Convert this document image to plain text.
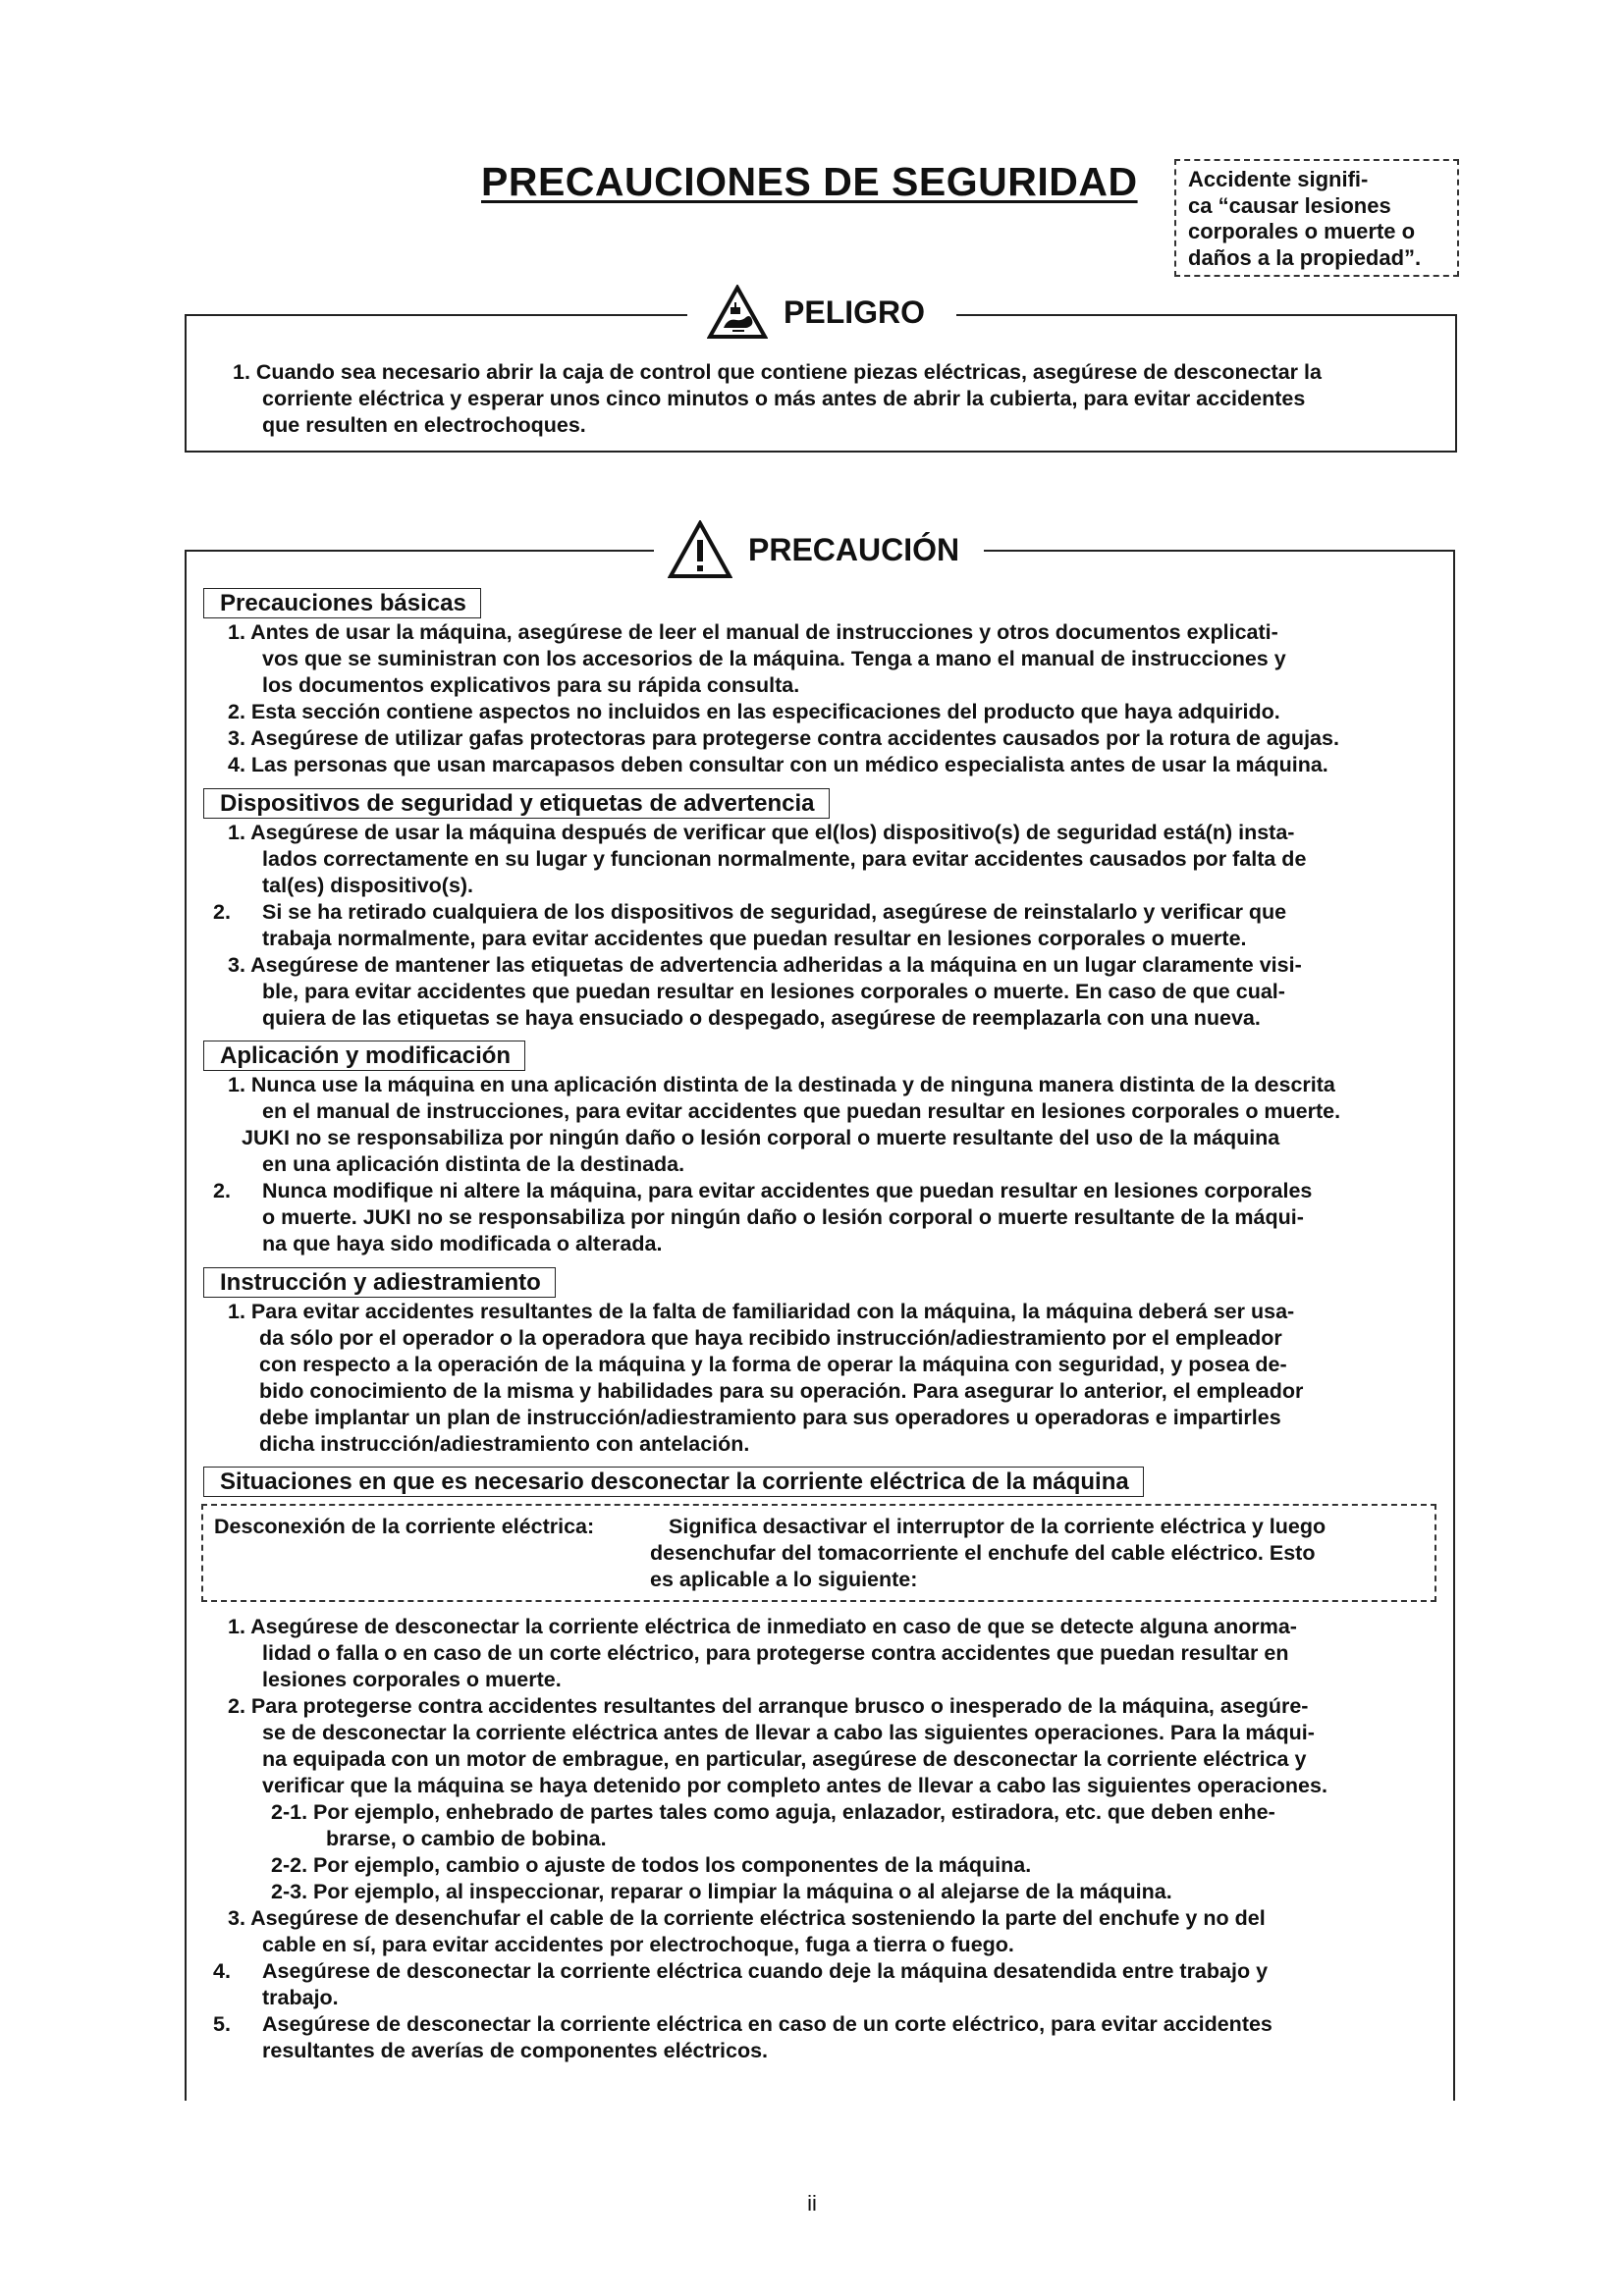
PRECAUCIONES DE SEGURIDAD Accidente signifi-
ca “causar lesiones
corporales o muerte o
daños a la propiedad”.
PELIGRO
1. Cuando sea necesario abrir la caja de control que contiene piezas eléctricas, asegúrese de desconectar la
corriente eléctrica y esperar unos cinco minutos o más antes de abrir la cubierta, para evitar accidentes
que resulten en electrochoques.
PRECAUCIÓN
Precauciones básicas
1. Antes de usar la máquina, asegúrese de leer el manual de instrucciones y otros documentos explicati-
vos que se suministran con los accesorios de la máquina. Tenga a mano el manual de instrucciones y
los documentos explicativos para su rápida consulta.
2. Esta sección contiene aspectos no incluidos en las especificaciones del producto que haya adquirido.
3. Asegúrese de utilizar gafas protectoras para protegerse contra accidentes causados por la rotura de agujas.
4. Las personas que usan marcapasos deben consultar con un médico especialista antes de usar la máquina.
Dispositivos de seguridad y etiquetas de advertencia
1. Asegúrese de usar la máquina después de verificar que el(los) dispositivo(s) de seguridad está(n) insta-
lados correctamente en su lugar y funcionan normalmente, para evitar accidentes causados por falta de
tal(es) dispositivo(s).
2. Si se ha retirado cualquiera de los dispositivos de seguridad, asegúrese de reinstalarlo y verificar que
trabaja normalmente, para evitar accidentes que puedan resultar en lesiones corporales o muerte.
3. Asegúrese de mantener las etiquetas de advertencia adheridas a la máquina en un lugar claramente visi-
ble, para evitar accidentes que puedan resultar en lesiones corporales o muerte. En caso de que cual-
quiera de las etiquetas se haya ensuciado o despegado, asegúrese de reemplazarla con una nueva.
Aplicación y modificación
1. Nunca use la máquina en una aplicación distinta de la destinada y de ninguna manera distinta de la descrita
en el manual de instrucciones, para evitar accidentes que puedan resultar en lesiones corporales o muerte.
JUKI no se responsabiliza por ningún daño o lesión corporal o muerte resultante del uso de la máquina
en una aplicación distinta de la destinada.
2. Nunca modifique ni altere la máquina, para evitar accidentes que puedan resultar en lesiones corporales
o muerte. JUKI no se responsabiliza por ningún daño o lesión corporal o muerte resultante de la máqui-
na que haya sido modificada o alterada.
Instrucción y adiestramiento
1. Para evitar accidentes resultantes de la falta de familiaridad con la máquina, la máquina deberá ser usa-
da sólo por el operador o la operadora que haya recibido instrucción/adiestramiento por el empleador
con respecto a la operación de la máquina y la forma de operar la máquina con seguridad, y posea de-
bido conocimiento de la misma y habilidades para su operación. Para asegurar lo anterior, el empleador
debe implantar un plan de instrucción/adiestramiento para sus operadores u operadoras e impartirles
dicha instrucción/adiestramiento con antelación.
Situaciones en que es necesario desconectar la corriente eléctrica de la máquina
Desconexión de la corriente eléctrica:	Significa desactivar el interruptor de la corriente eléctrica y luego
desenchufar del tomacorriente el enchufe del cable eléctrico. Esto
es aplicable a lo siguiente:
1. Asegúrese de desconectar la corriente eléctrica de inmediato en caso de que se detecte alguna anorma-
lidad o falla o en caso de un corte eléctrico, para protegerse contra accidentes que puedan resultar en
lesiones corporales o muerte.
2. Para protegerse contra accidentes resultantes del arranque brusco o inesperado de la máquina, asegúre-
se de desconectar la corriente eléctrica antes de llevar a cabo las siguientes operaciones. Para la máqui-
na equipada con un motor de embrague, en particular, asegúrese de desconectar la corriente eléctrica y
verificar que la máquina se haya detenido por completo antes de llevar a cabo las siguientes operaciones.
2-1. Por ejemplo, enhebrado de partes tales como aguja, enlazador, estiradora, etc. que deben enhe-
brarse, o cambio de bobina.
2-2. Por ejemplo, cambio o ajuste de todos los componentes de la máquina.
2-3. Por ejemplo, al inspeccionar, reparar o limpiar la máquina o al alejarse de la máquina.
3. Asegúrese de desenchufar el cable de la corriente eléctrica sosteniendo la parte del enchufe y no del
cable en sí, para evitar accidentes por electrochoque, fuga a tierra o fuego.
4. Asegúrese de desconectar la corriente eléctrica cuando deje la máquina desatendida entre trabajo y
trabajo.
5. Asegúrese de desconectar la corriente eléctrica en caso de un corte eléctrico, para evitar accidentes
resultantes de averías de componentes eléctricos.
ii
